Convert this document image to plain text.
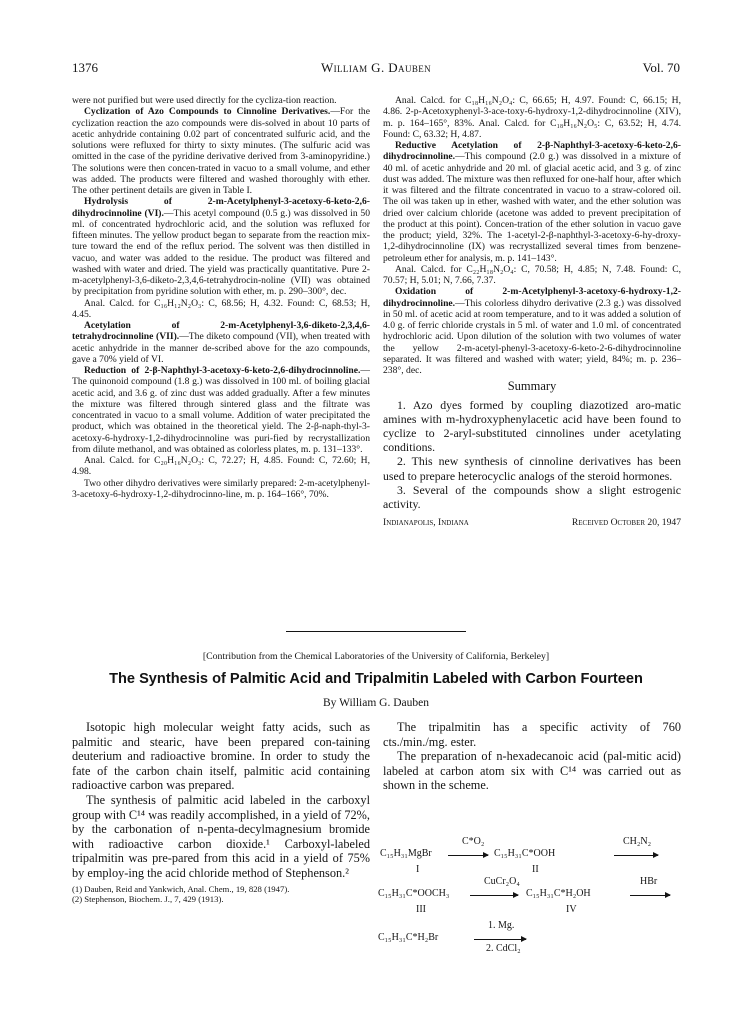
1376	William G. Dauben	Vol. 70

were not purified but were used directly for the cycliza-tion reaction.

Cyclization of Azo Compounds to Cinnoline Derivatives.—For the cyclization reaction the azo compounds were dis-solved in about 10 parts of acetic anhydride containing 0.02 part of concentrated sulfuric acid, and the solutions were refluxed for thirty to sixty minutes. (The sulfuric acid was omitted in the case of the pyridine derivative derived from 3-aminopyridine.) The solutions were then concen-trated in vacuo to a small volume, and ether was added. The products were filtered and washed thoroughly with ether. The other pertinent details are given in Table I.

Hydrolysis of 2-m-Acetylphenyl-3-acetoxy-6-keto-2,6-dihydrocinnoline (VI).—This acetyl compound (0.5 g.) was dissolved in 50 ml. of concentrated hydrochloric acid, and the solution was refluxed for fifteen minutes. The yellow product began to separate from the reaction mix-ture toward the end of the reflux period. The solvent was then distilled in vacuo, and water was added to the residue. The product was filtered and washed with water and dried. The yield was practically quantitative. Pure 2-m-acetylphenyl-3,6-diketo-2,3,4,6-tetrahydrocin-noline (VII) was obtained by precipitation from pyridine solution with ether, m. p. 290–300°, dec.

Anal. Calcd. for C₁₆H₁₂N₂O₃: C, 68.56; H, 4.32. Found: C, 68.53; H, 4.45.

Acetylation of 2-m-Acetylphenyl-3,6-diketo-2,3,4,6-tetrahydrocinnoline (VII).—The diketo compound (VII), when treated with acetic anhydride in the manner de-scribed above for the azo compounds, gave a 70% yield of VI.

Reduction of 2-β-Naphthyl-3-acetoxy-6-keto-2,6-dihydrocinnoline.—The quinonoid compound (1.8 g.) was dissolved in 100 ml. of boiling glacial acetic acid, and 3.6 g. of zinc dust was added gradually. After a few minutes the mixture was filtered through sintered glass and the filtrate was concentrated in vacuo to a small volume. Addition of water precipitated the product, which was obtained in the theoretical yield. The 2-β-naph-thyl-3-acetoxy-6-hydroxy-1,2-dihydrocinnoline was puri-fied by recrystallization from dilute methanol, and was obtained as colorless plates, m. p. 131–133°.

Anal. Calcd. for C₂₀H₁₆N₂O₃: C, 72.27; H, 4.85. Found: C, 72.60; H, 4.98.

Two other dihydro derivatives were similarly prepared: 2-m-acetylphenyl-3-acetoxy-6-hydroxy-1,2-dihydrocinno-line, m. p. 164–166°, 70%.

Anal. Calcd. for C₁₈H₁₆N₂O₄: C, 66.65; H, 4.97. Found: C, 66.15; H, 4.86. 2-p-Acetoxyphenyl-3-ace-toxy-6-hydroxy-1,2-dihydrocinnoline (XIV), m. p. 164–165°, 83%. Anal. Calcd. for C₁₈H₁₆N₂O₅: C, 63.52; H, 4.74. Found: C, 63.32; H, 4.87.

Reductive Acetylation of 2-β-Naphthyl-3-acetoxy-6-keto-2,6-dihydrocinnoline.—This compound (2.0 g.) was dissolved in a mixture of 40 ml. of acetic anhydride and 20 ml. of glacial acetic acid, and 3 g. of zinc dust was added. The mixture was then refluxed for one-half hour, after which it was filtered and the filtrate concentrated in vacuo to a straw-colored oil. The oil was taken up in ether, washed with water, and the ether solution was dried over calcium chloride (acetone was added to prevent precipitation of the product at this point). Concen-tration of the ether solution in vacuo gave the product; yield, 32%. The 1-acetyl-2-β-naphthyl-3-acetoxy-6-hy-droxy-1,2-dihydrocinnoline (IX) was recrystallized several times from benzene-petroleum ether for analysis, m. p. 141–143°.

Anal. Calcd. for C₂₂H₁₈N₂O₄: C, 70.58; H, 4.85; N, 7.48. Found: C, 70.57; H, 5.01; N, 7.66, 7.37.

Oxidation of 2-m-Acetylphenyl-3-acetoxy-6-hydroxy-1,2-dihydrocinnoline.—This colorless dihydro derivative (2.3 g.) was dissolved in 50 ml. of acetic acid at room temperature, and to it was added a solution of 4.0 g. of ferric chloride crystals in 5 ml. of water and 1.0 ml. of concentrated hydrochloric acid. Upon dilution of the solution with two volumes of water the yellow 2-m-acetyl-phenyl-3-acetoxy-6-keto-2-6-dihydrocinnoline separated. It was filtered and washed with water; yield, 84%; m. p. 236–238°, dec.

Summary

1. Azo dyes formed by coupling diazotized aro-matic amines with m-hydroxyphenylacetic acid have been found to cyclize to 2-aryl-substituted cinnolines under acetylating conditions.

2. This new synthesis of cinnoline derivatives has been used to prepare heterocyclic analogs of the steroid hormones.

3. Several of the compounds show a slight estrogenic activity.

Indianapolis, Indiana	Received October 20, 1947
[Contribution from the Chemical Laboratories of the University of California, Berkeley]
The Synthesis of Palmitic Acid and Tripalmitin Labeled with Carbon Fourteen
By William G. Dauben

Isotopic high molecular weight fatty acids, such as palmitic and stearic, have been prepared con-taining deuterium and radioactive bromine. In order to study the fate of the carbon chain itself, palmitic acid containing radioactive carbon was prepared.

The synthesis of palmitic acid labeled in the carboxyl group with C¹⁴ was readily accomplished, in a yield of 72%, by the carbonation of n-penta-decylmagnesium bromide with radioactive carbon dioxide.¹ Carboxyl-labeled tripalmitin was pre-pared from this acid in a yield of 75% by employ-ing the acid chloride method of Stephenson.²

(1) Dauben, Reid and Yankwich, Anal. Chem., 19, 828 (1947).
(2) Stephenson, Biochem. J., 7, 429 (1913).

The tripalmitin has a specific activity of 760 cts./min./mg. ester.

The preparation of n-hexadecanoic acid (pal-mitic acid) labeled at carbon atom six with C¹⁴ was carried out as shown in the scheme.

C₁₅H₃₁MgBr
C*O₂
C₁₅H₃₁C*OOH
CH₂N₂
I	II
C₁₅H₃₁C*OOCH₃
CuCr₂O₄
C₁₅H₃₁C*H₂OH
HBr
III	IV
C₁₅H₃₁C*H₂Br
1. Mg.
2. CdCl₂
